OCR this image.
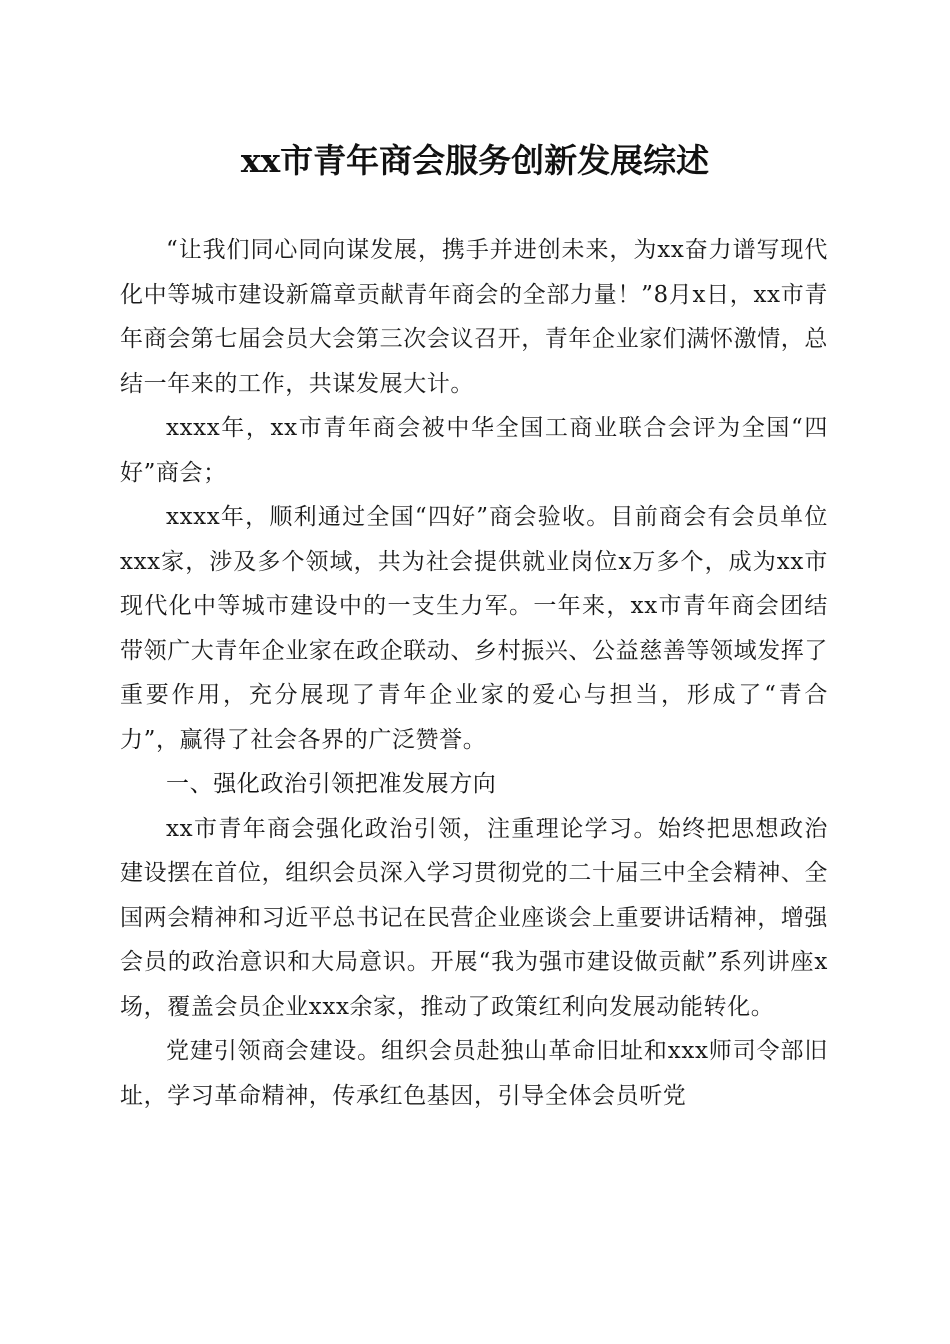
xx市青年商会服务创新发展综述

“让我们同心同向谋发展，携手并进创未来，为xx奋力谱写现代化中等城市建设新篇章贡献青年商会的全部力量！”8月x日，xx市青年商会第七届会员大会第三次会议召开，青年企业家们满怀激情，总结一年来的工作，共谋发展大计。

xxxx年，xx市青年商会被中华全国工商业联合会评为全国“四好”商会；

xxxx年，顺利通过全国“四好”商会验收。目前商会有会员单位xxx家，涉及多个领域，共为社会提供就业岗位x万多个，成为xx市现代化中等城市建设中的一支生力军。一年来，xx市青年商会团结带领广大青年企业家在政企联动、乡村振兴、公益慈善等领域发挥了重要作用，充分展现了青年企业家的爱心与担当，形成了“青合力”，赢得了社会各界的广泛赞誉。

一、强化政治引领把准发展方向

xx市青年商会强化政治引领，注重理论学习。始终把思想政治建设摆在首位，组织会员深入学习贯彻党的二十届三中全会精神、全国两会精神和习近平总书记在民营企业座谈会上重要讲话精神，增强会员的政治意识和大局意识。开展“我为强市建设做贡献”系列讲座x场，覆盖会员企业xxx余家，推动了政策红利向发展动能转化。

党建引领商会建设。组织会员赴独山革命旧址和xxx师司令部旧址，学习革命精神，传承红色基因，引导全体会员听党
